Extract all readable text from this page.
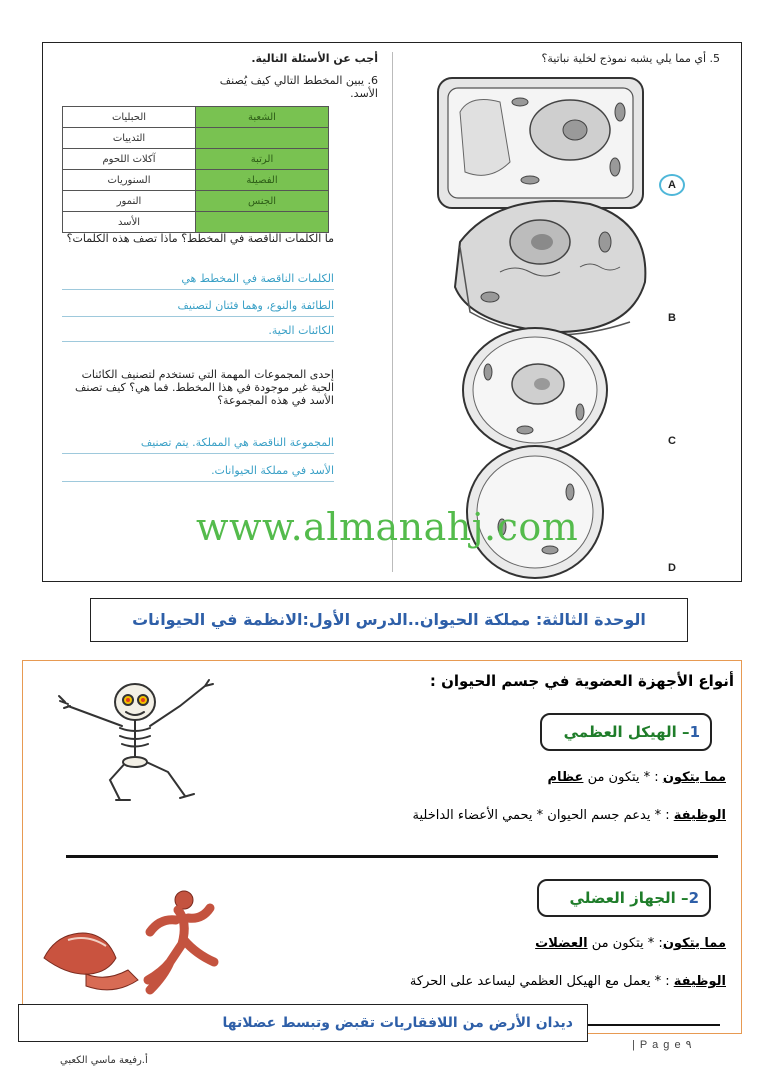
5. أي مما يلي يشبه نموذج لخلية نباتية؟
A
B
C
D
أجب عن الأسئلة التالية.
6. يبين المخطط التالي كيف يُصنف الأسد.
الشعبة	الحبليات
	الثدييات
الرتبة	آكلات اللحوم
الفصيلة	السنوريات
الجنس	النمور
	الأسد
ما الكلمات الناقصة في المخطط؟ ماذا تصف هذه الكلمات؟
الكلمات الناقصة في المخطط هي
الطائفة والنوع، وهما فئتان لتصنيف
الكائنات الحية.
إحدى المجموعات المهمة التي تستخدم لتصنيف الكائنات الحية غير موجودة في هذا المخطط. فما هي؟ كيف تصنف الأسد في هذه المجموعة؟
المجموعة الناقصة هي المملكة. يتم تصنيف
الأسد في مملكة الحيوانات.
www.almanahj.com
الوحدة الثالثة: مملكة الحيوان..الدرس الأول:الانظمة في الحيوانات
أنواع الأجهزة العضوية في جسم الحيوان :
1– الهيكل العظمي
مما يتكون : * يتكون من عظام
الوظيفة : * يدعم جسم الحيوان * يحمي الأعضاء الداخلية
2– الجهاز العضلي
مما يتكون: * يتكون من العضلات
الوظيفة : * يعمل مع الهيكل العظمي ليساعد على الحركة
ديدان الأرض من اللافقاريات تقبض وتبسط عضلاتها
| P a g e ٩
أ.رفيعة ماسي الكعبي
